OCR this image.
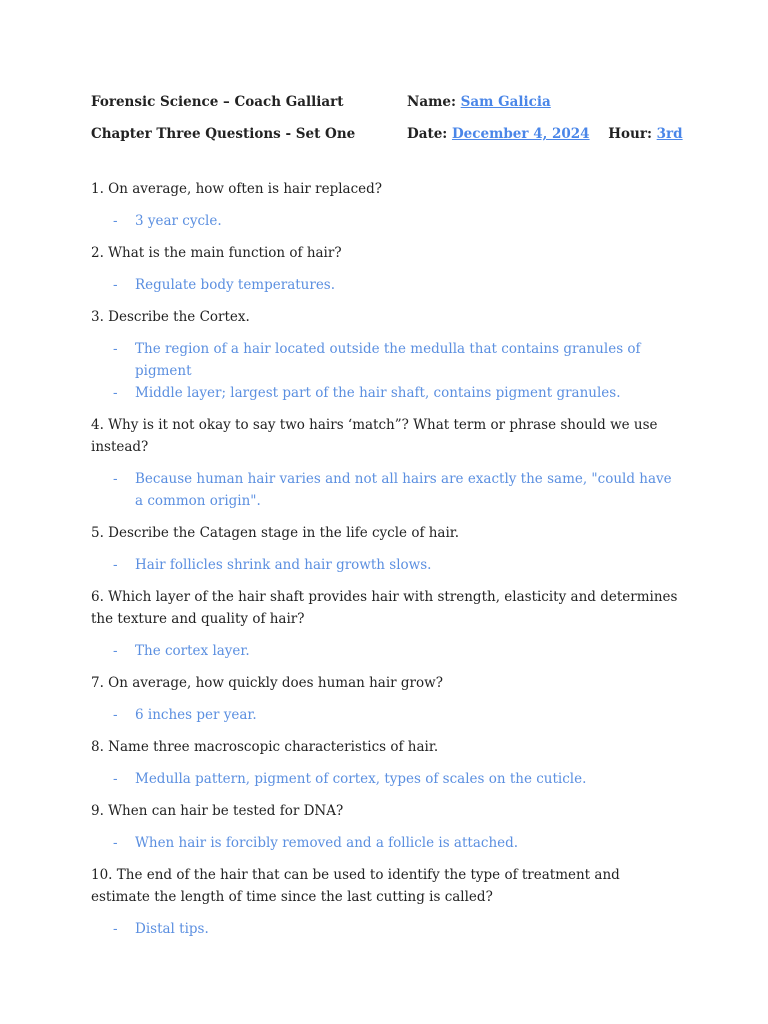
Forensic Science – Coach Galliart	Name: Sam Galicia
Chapter Three Questions - Set One	Date: December 4, 2024 Hour: 3rd

1. On average, how often is hair replaced?

- 3 year cycle.

2. What is the main function of hair?

- Regulate body temperatures.

3. Describe the Cortex.

- The region of a hair located outside the medulla that contains granules of pigment
- Middle layer; largest part of the hair shaft, contains pigment granules.

4. Why is it not okay to say two hairs ‘match”? What term or phrase should we use instead?

- Because human hair varies and not all hairs are exactly the same, "could have a common origin".

5. Describe the Catagen stage in the life cycle of hair.

- Hair follicles shrink and hair growth slows.

6. Which layer of the hair shaft provides hair with strength, elasticity and determines the texture and quality of hair?

- The cortex layer.

7. On average, how quickly does human hair grow?

- 6 inches per year.

8. Name three macroscopic characteristics of hair.

- Medulla pattern, pigment of cortex, types of scales on the cuticle.

9. When can hair be tested for DNA?

- When hair is forcibly removed and a follicle is attached.

10. The end of the hair that can be used to identify the type of treatment and estimate the length of time since the last cutting is called?

- Distal tips.
